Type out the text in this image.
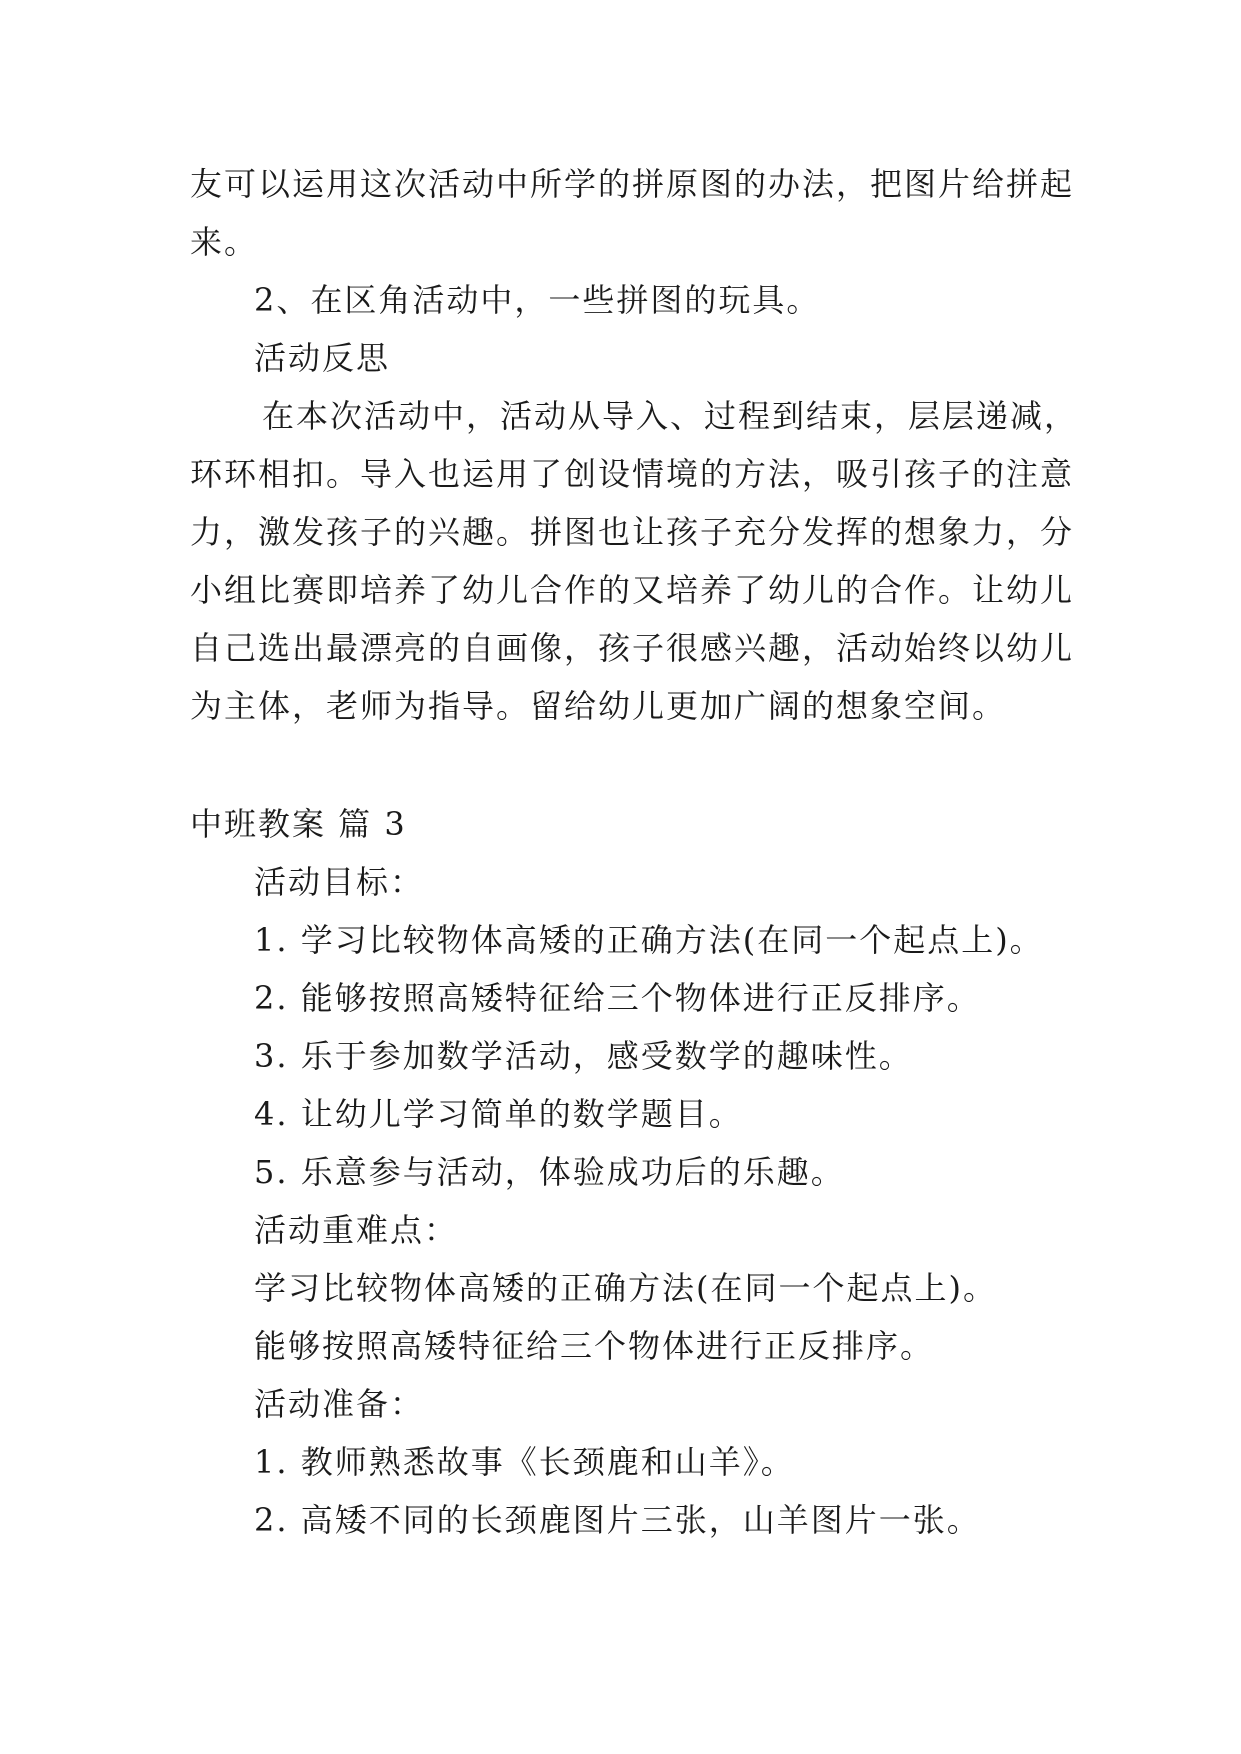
友可以运用这次活动中所学的拼原图的办法，把图片给拼起
来。
2、在区角活动中，一些拼图的玩具。
活动反思
在本次活动中，活动从导入、过程到结束，层层递减，
环环相扣。导入也运用了创设情境的方法，吸引孩子的注意
力，激发孩子的兴趣。拼图也让孩子充分发挥的想象力，分
小组比赛即培养了幼儿合作的又培养了幼儿的合作。让幼儿
自己选出最漂亮的自画像，孩子很感兴趣，活动始终以幼儿
为主体，老师为指导。留给幼儿更加广阔的想象空间。
中班教案 篇 3
活动目标：
1. 学习比较物体高矮的正确方法(在同一个起点上)。
2. 能够按照高矮特征给三个物体进行正反排序。
3. 乐于参加数学活动，感受数学的趣味性。
4. 让幼儿学习简单的数学题目。
5. 乐意参与活动，体验成功后的乐趣。
活动重难点：
学习比较物体高矮的正确方法(在同一个起点上)。
能够按照高矮特征给三个物体进行正反排序。
活动准备：
1. 教师熟悉故事《长颈鹿和山羊》。
2. 高矮不同的长颈鹿图片三张，山羊图片一张。
